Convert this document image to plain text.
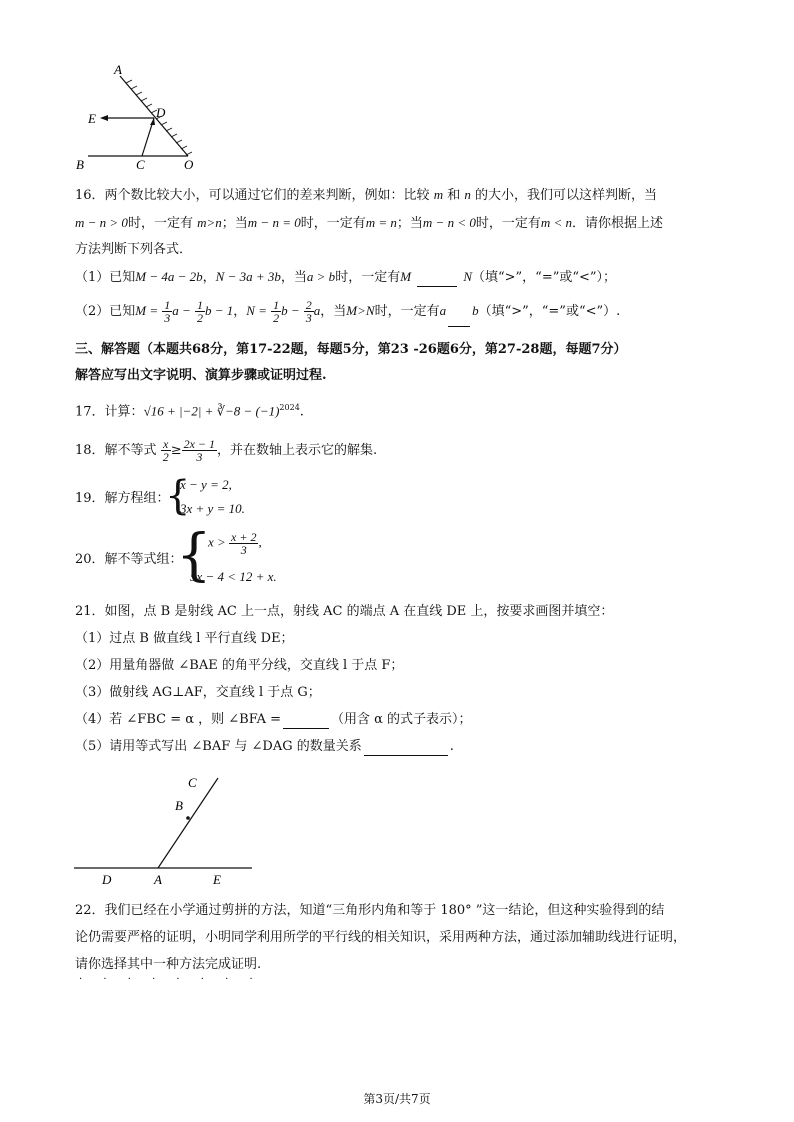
A
D
E
B	C	O
16．两个数比较大小，可以通过它们的差来判断，例如：比较 m 和 n 的大小，我们可以这样判断，当
m − n > 0时，一定有 m>n；当m − n = 0时，一定有m = n；当m − n < 0时，一定有m < n．请你根据上述
方法判断下列各式．
（1）已知M − 4a − 2b，N − 3a + 3b，当a > b时，一定有M	N（填“>”，“=”或“<”）；
（2）已知$M = \frac{1}{3}$ $a - \frac{1}{2}$ b − 1，$N = \frac{1}{2}$ $b - \frac{2}{3}$ a，当M>N时，一定有a b（填“>”，“=”或“<”）.
三、解答题（本题共68分，第17-22题，每题5分，第23 -26题6分，第27-28题，每题7分）
解答应写出文字说明、演算步骤或证明过程.
17．计算：√16 + |−2| + ∛−8 − $(-1)^{2024}$.
18．解不等式 $\frac{x}{2} \ge \frac{2x - 1}{3}$ ，并在数轴上表示它的解集.
19．解方程组：
{
x − y = 2,
3x + y = 10.
20．解不等式组：
{
$x > \frac{x + 2}{3}$ ,
5x − 4 < 12 + x.
21．如图，点 B 是射线 AC 上一点，射线 AC 的端点 A 在直线 DE 上，按要求画图并填空：
（1）过点 B 做直线 l 平行直线 DE；
（2）用量角器做 ∠BAE 的角平分线，交直线 l 于点 F；
（3）做射线 AG⊥AF，交直线 l 于点 G；
（4）若 ∠FBC = α ，则 ∠BFA =	（用含 α 的式子表示）；
（5）请用等式写出 ∠BAF 与 ∠DAG 的数量关系	.
C
B
D	A	E
22．我们已经在小学通过剪拼的方法，知道“三角形内角和等于 180° ”这一结论，但这种实验得到的结
论仍需要严格的证明，小明同学利用所学的平行线的相关知识，采用两种方法，通过添加辅助线进行证明，
请你选择其中一种方法完成证明.
· · · · · · · ·
第3页/共7页
